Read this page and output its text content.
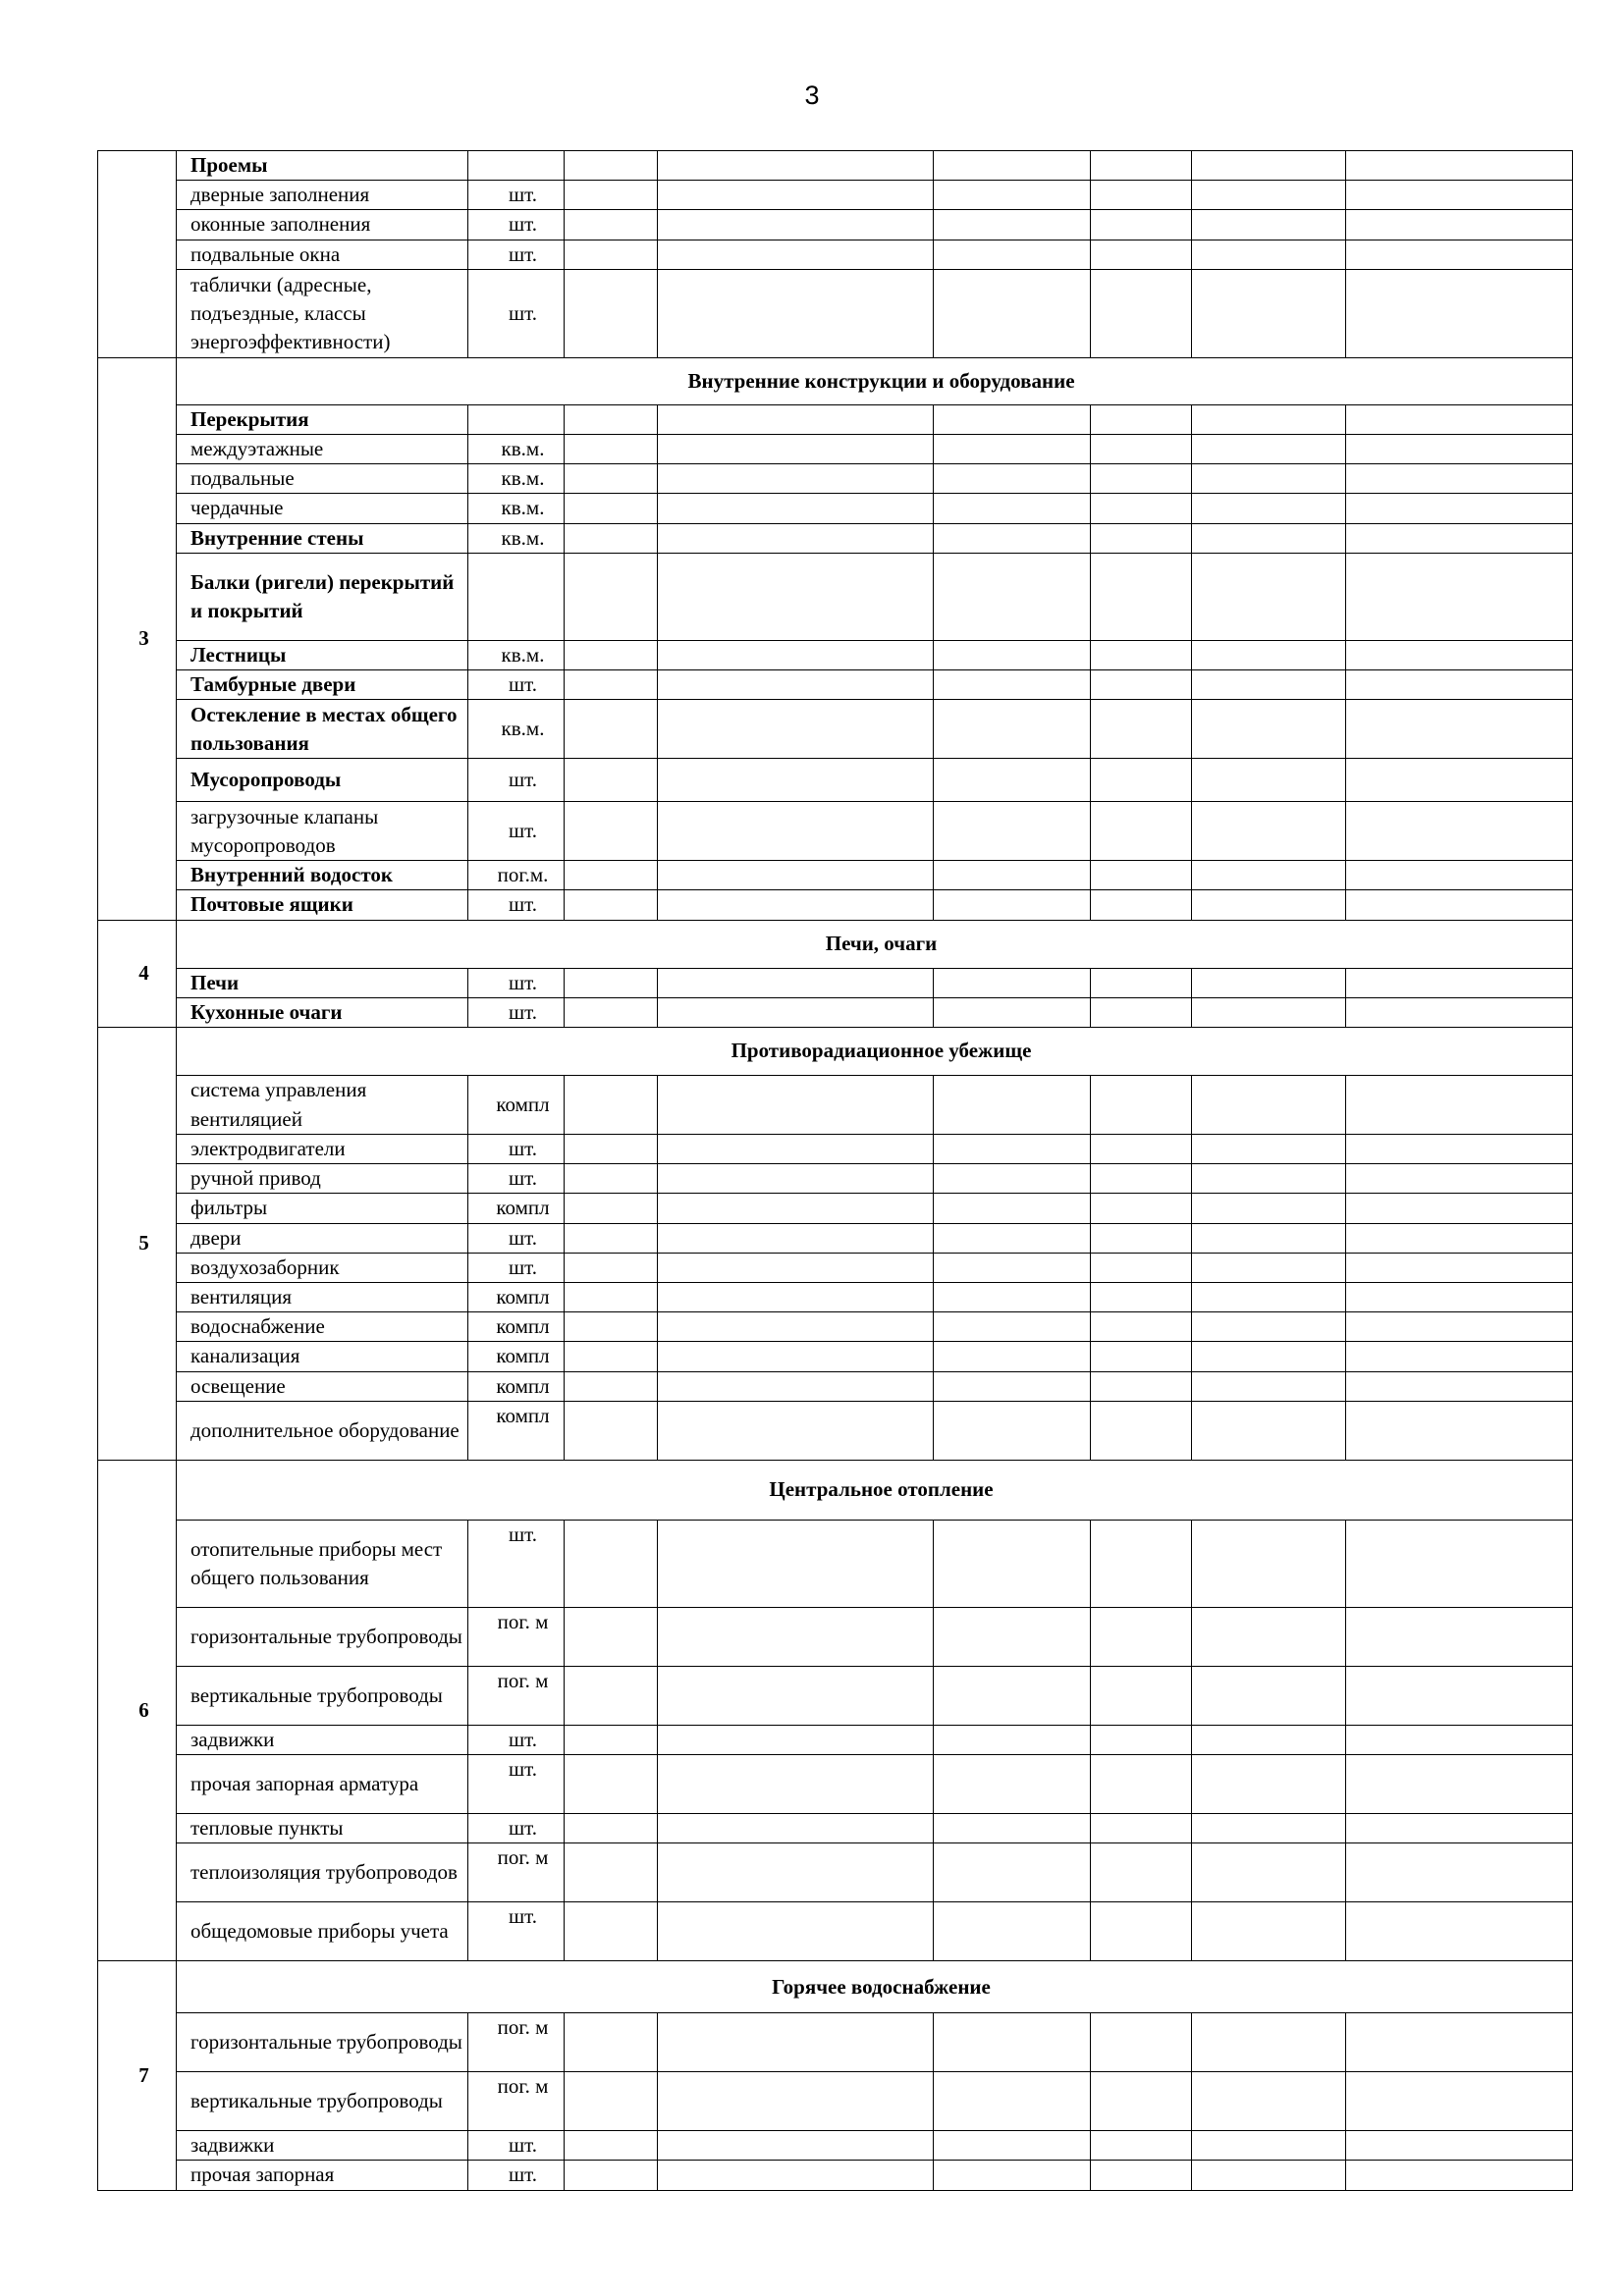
3
	Проемы							
	дверные заполнения	шт.						
	оконные заполнения	шт.						
	подвальные окна	шт.						
	таблички (адресные, подъездные, классы энергоэффективности)	шт.						
3	Внутренние конструкции и оборудование							
	Перекрытия							
	междуэтажные	кв.м.						
	подвальные	кв.м.						
	чердачные	кв.м.						
	Внутренние стены	кв.м.						
	Балки (ригели) перекрытий и покрытий							
	Лестницы	кв.м.						
	Тамбурные двери	шт.						
	Остекление в местах общего пользования	кв.м.						
	Мусоропроводы	шт.						
	загрузочные клапаны мусоропроводов	шт.						
	Внутренний водосток	пог.м.						
	Почтовые ящики	шт.						
4	Печи, очаги							
	Печи	шт.						
	Кухонные очаги	шт.						
5	Противорадиационное убежище							
	система управления вентиляцией	компл						
	электродвигатели	шт.						
	ручной привод	шт.						
	фильтры	компл						
	двери	шт.						
	воздухозаборник	шт.						
	вентиляция	компл						
	водоснабжение	компл						
	канализация	компл						
	освещение	компл						
	дополнительное оборудование	компл						
6	Центральное отопление							
	отопительные приборы мест общего пользования	шт.						
	горизонтальные трубопроводы	пог. м						
	вертикальные трубопроводы	пог. м						
	задвижки	шт.						
	прочая запорная арматура	шт.						
	тепловые пункты	шт.						
	теплоизоляция трубопроводов	пог. м						
	общедомовые приборы учета	шт.						
7	Горячее водоснабжение							
	горизонтальные трубопроводы	пог. м						
	вертикальные трубопроводы	пог. м						
	задвижки	шт.						
	прочая запорная	шт.						
